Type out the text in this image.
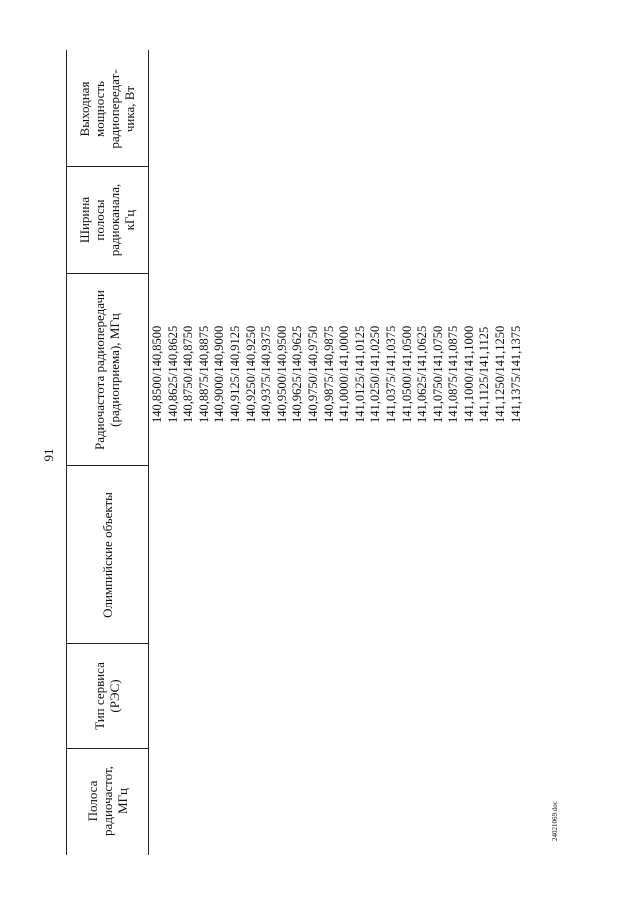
91
Полоса радиочастот, МГц
Тип сервиса (РЭС)
Олимпийские объекты
Радиочастота радиопередачи (радиоприема), МГц
Ширина полосы радиоканала, кГц
Выходная мощность радиопередат-чика, Вт
140,8500/140,8500 140,8625/140,8625 140,8750/140,8750 140,8875/140,8875 140,9000/140,9000 140,9125/140,9125 140,9250/140,9250 140,9375/140,9375 140,9500/140,9500 140,9625/140,9625 140,9750/140,9750 140,9875/140,9875 141,0000/141,0000 141,0125/141,0125 141,0250/141,0250 141,0375/141,0375 141,0500/141,0500 141,0625/141,0625 141,0750/141,0750 141,0875/141,0875 141,1000/141,1000 141,1125/141,1125 141,1250/141,1250 141,1375/141,1375
24021069.doc
